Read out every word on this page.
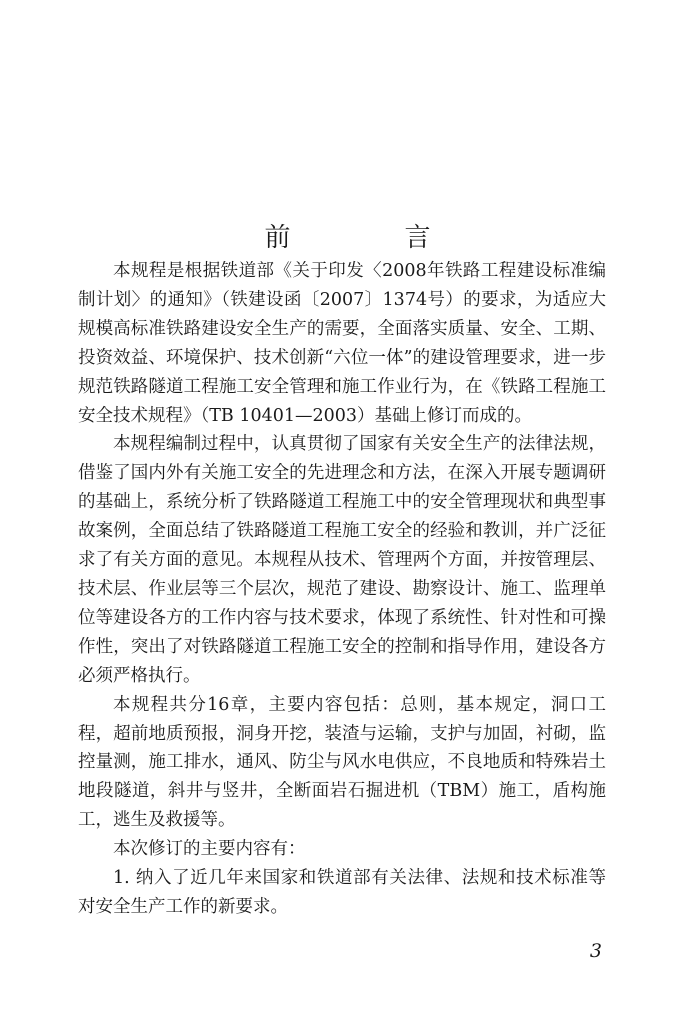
前　言

本规程是根据铁道部《关于印发〈2008年铁路工程建设标准编制计划〉的通知》（铁建设函〔2007〕1374号）的要求，为适应大规模高标准铁路建设安全生产的需要，全面落实质量、安全、工期、投资效益、环境保护、技术创新“六位一体”的建设管理要求，进一步规范铁路隧道工程施工安全管理和施工作业行为，在《铁路工程施工安全技术规程》（TB 10401—2003）基础上修订而成的。

本规程编制过程中，认真贯彻了国家有关安全生产的法律法规，借鉴了国内外有关施工安全的先进理念和方法，在深入开展专题调研的基础上，系统分析了铁路隧道工程施工中的安全管理现状和典型事故案例，全面总结了铁路隧道工程施工安全的经验和教训，并广泛征求了有关方面的意见。本规程从技术、管理两个方面，并按管理层、技术层、作业层等三个层次，规范了建设、勘察设计、施工、监理单位等建设各方的工作内容与技术要求，体现了系统性、针对性和可操作性，突出了对铁路隧道工程施工安全的控制和指导作用，建设各方必须严格执行。

本规程共分16章，主要内容包括：总则，基本规定，洞口工程，超前地质预报，洞身开挖，装渣与运输，支护与加固，衬砌，监控量测，施工排水，通风、防尘与风水电供应，不良地质和特殊岩土地段隧道，斜井与竖井，全断面岩石掘进机（TBM）施工，盾构施工，逃生及救援等。

本次修订的主要内容有：

1. 纳入了近几年来国家和铁道部有关法律、法规和技术标准等对安全生产工作的新要求。

3
